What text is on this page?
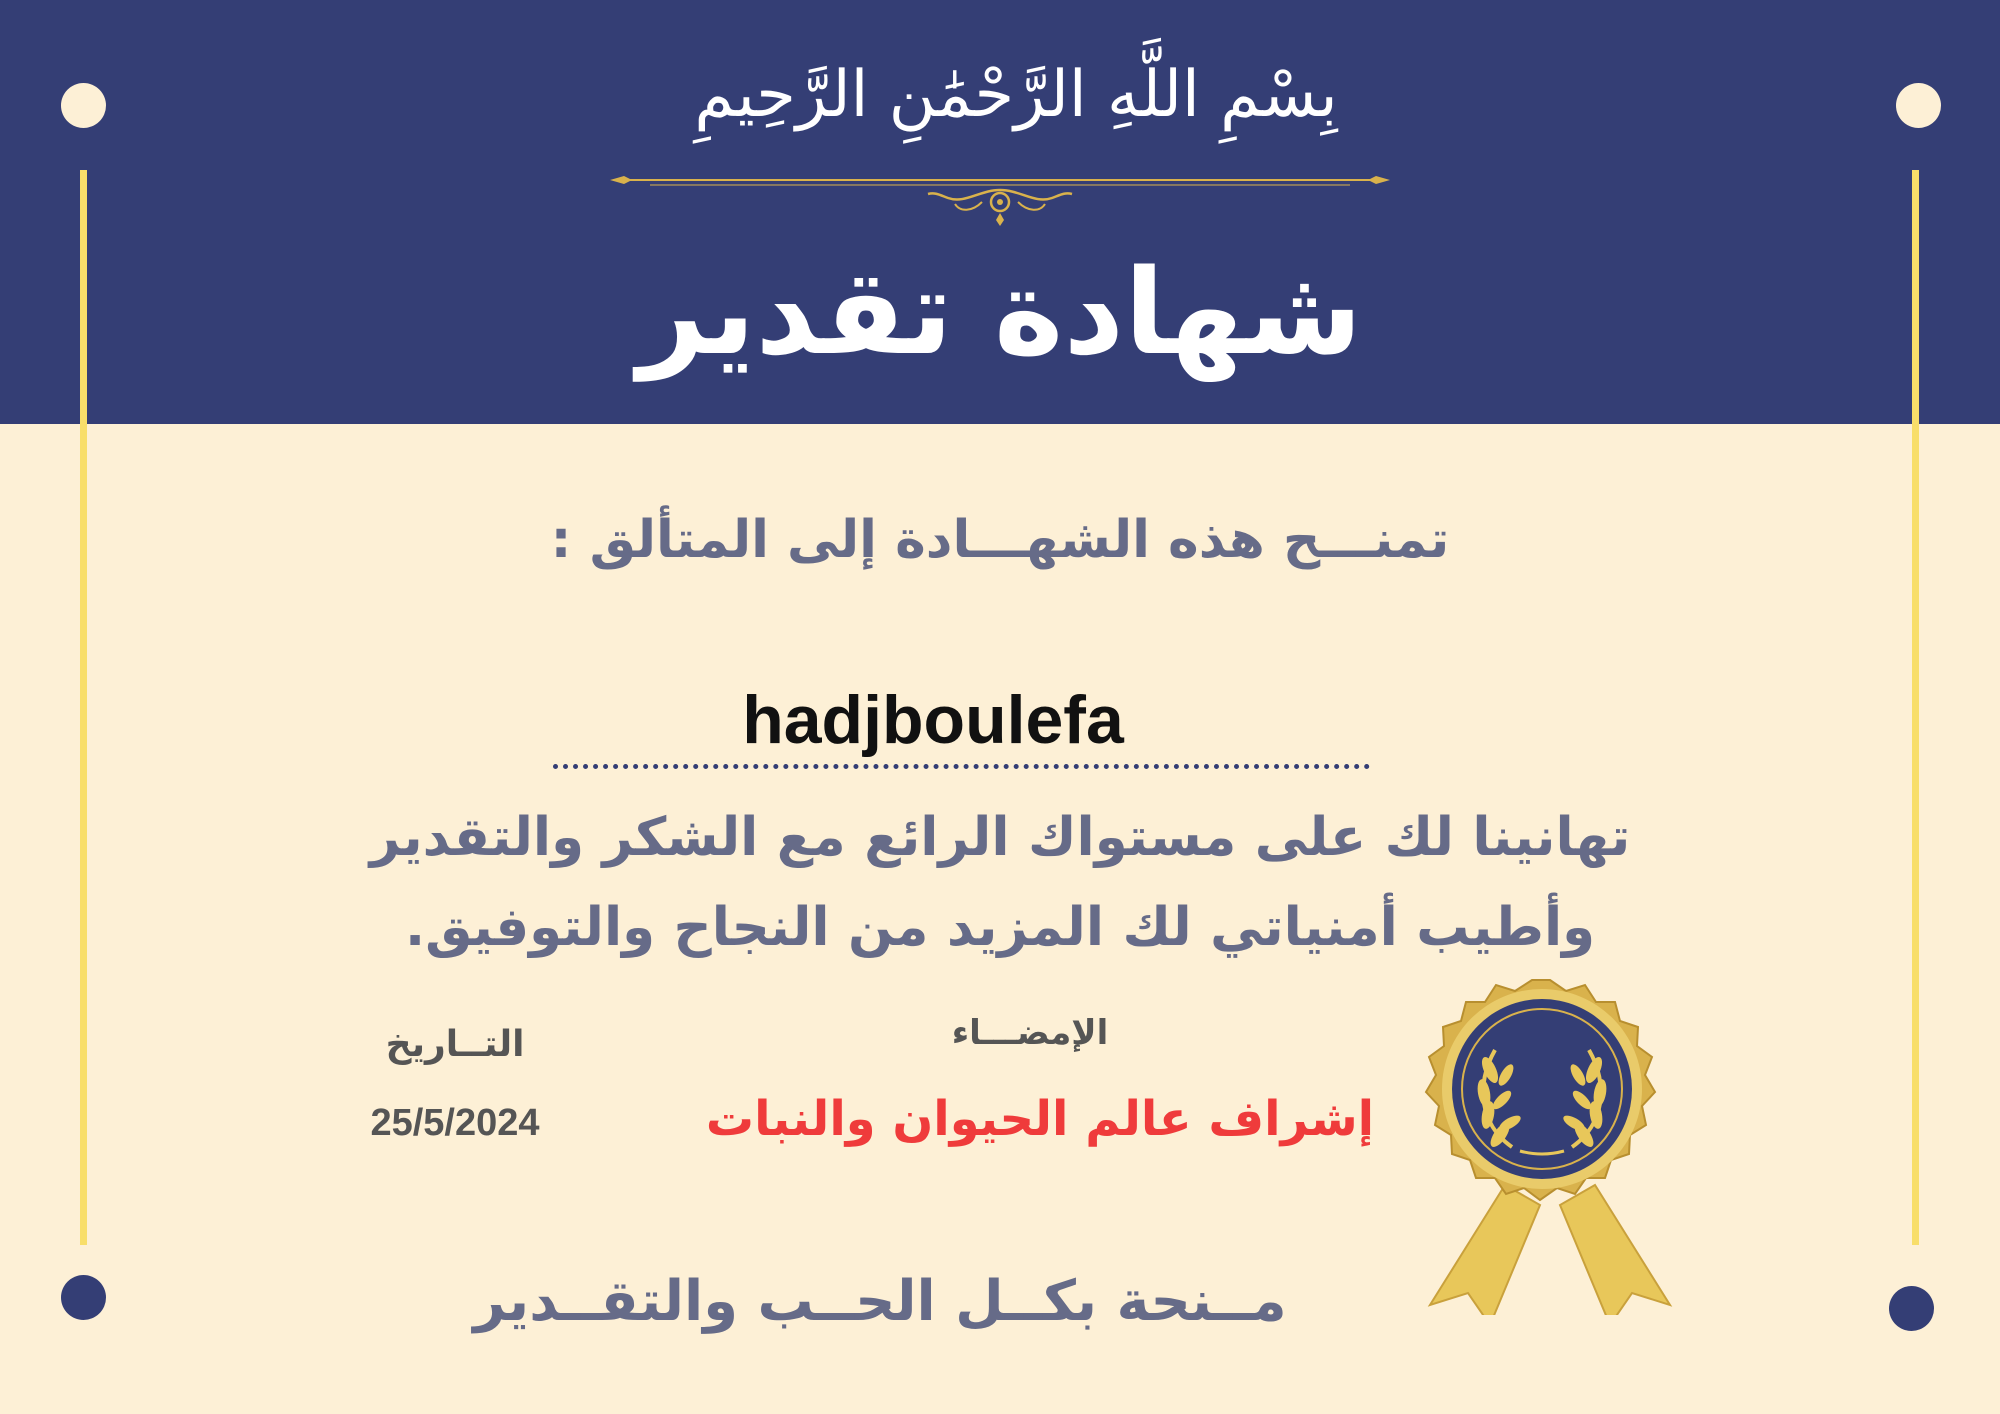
بِسْمِ اللَّهِ الرَّحْمَٰنِ الرَّحِيمِ
شهادة تقدير
تمنـــح هذه الشهـــادة إلى المتألق :
hadjboulefa
تهانينا لك على مستواك الرائع مع الشكر والتقدير
وأطيب أمنياتي لك المزيد من النجاح والتوفيق.
الإمضـــاء
إشراف عالم الحيوان والنبات
التــاريخ
25/5/2024
مــنحة بكــل الحــب والتقــدير
